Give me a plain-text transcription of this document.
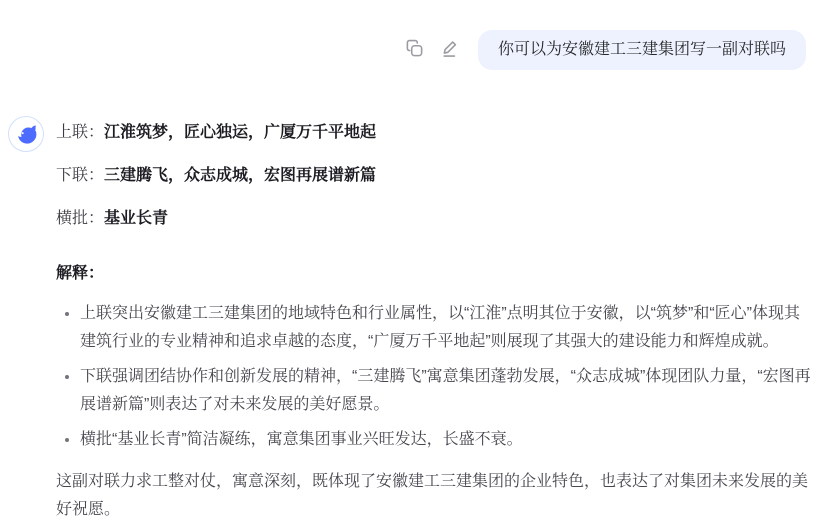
你可以为安徽建工三建集团写一副对联吗

上联：江淮筑梦，匠心独运，广厦万千平地起

下联：三建腾飞，众志成城，宏图再展谱新篇

横批：基业长青

解释：

上联突出安徽建工三建集团的地域特色和行业属性，以“江淮”点明其位于安徽，以“筑梦”和“匠心”体现其建筑行业的专业精神和追求卓越的态度，“广厦万千平地起”则展现了其强大的建设能力和辉煌成就。
下联强调团结协作和创新发展的精神，“三建腾飞”寓意集团蓬勃发展，“众志成城”体现团队力量，“宏图再展谱新篇”则表达了对未来发展的美好愿景。
横批“基业长青”简洁凝练，寓意集团事业兴旺发达，长盛不衰。

这副对联力求工整对仗，寓意深刻，既体现了安徽建工三建集团的企业特色，也表达了对集团未来发展的美好祝愿。
